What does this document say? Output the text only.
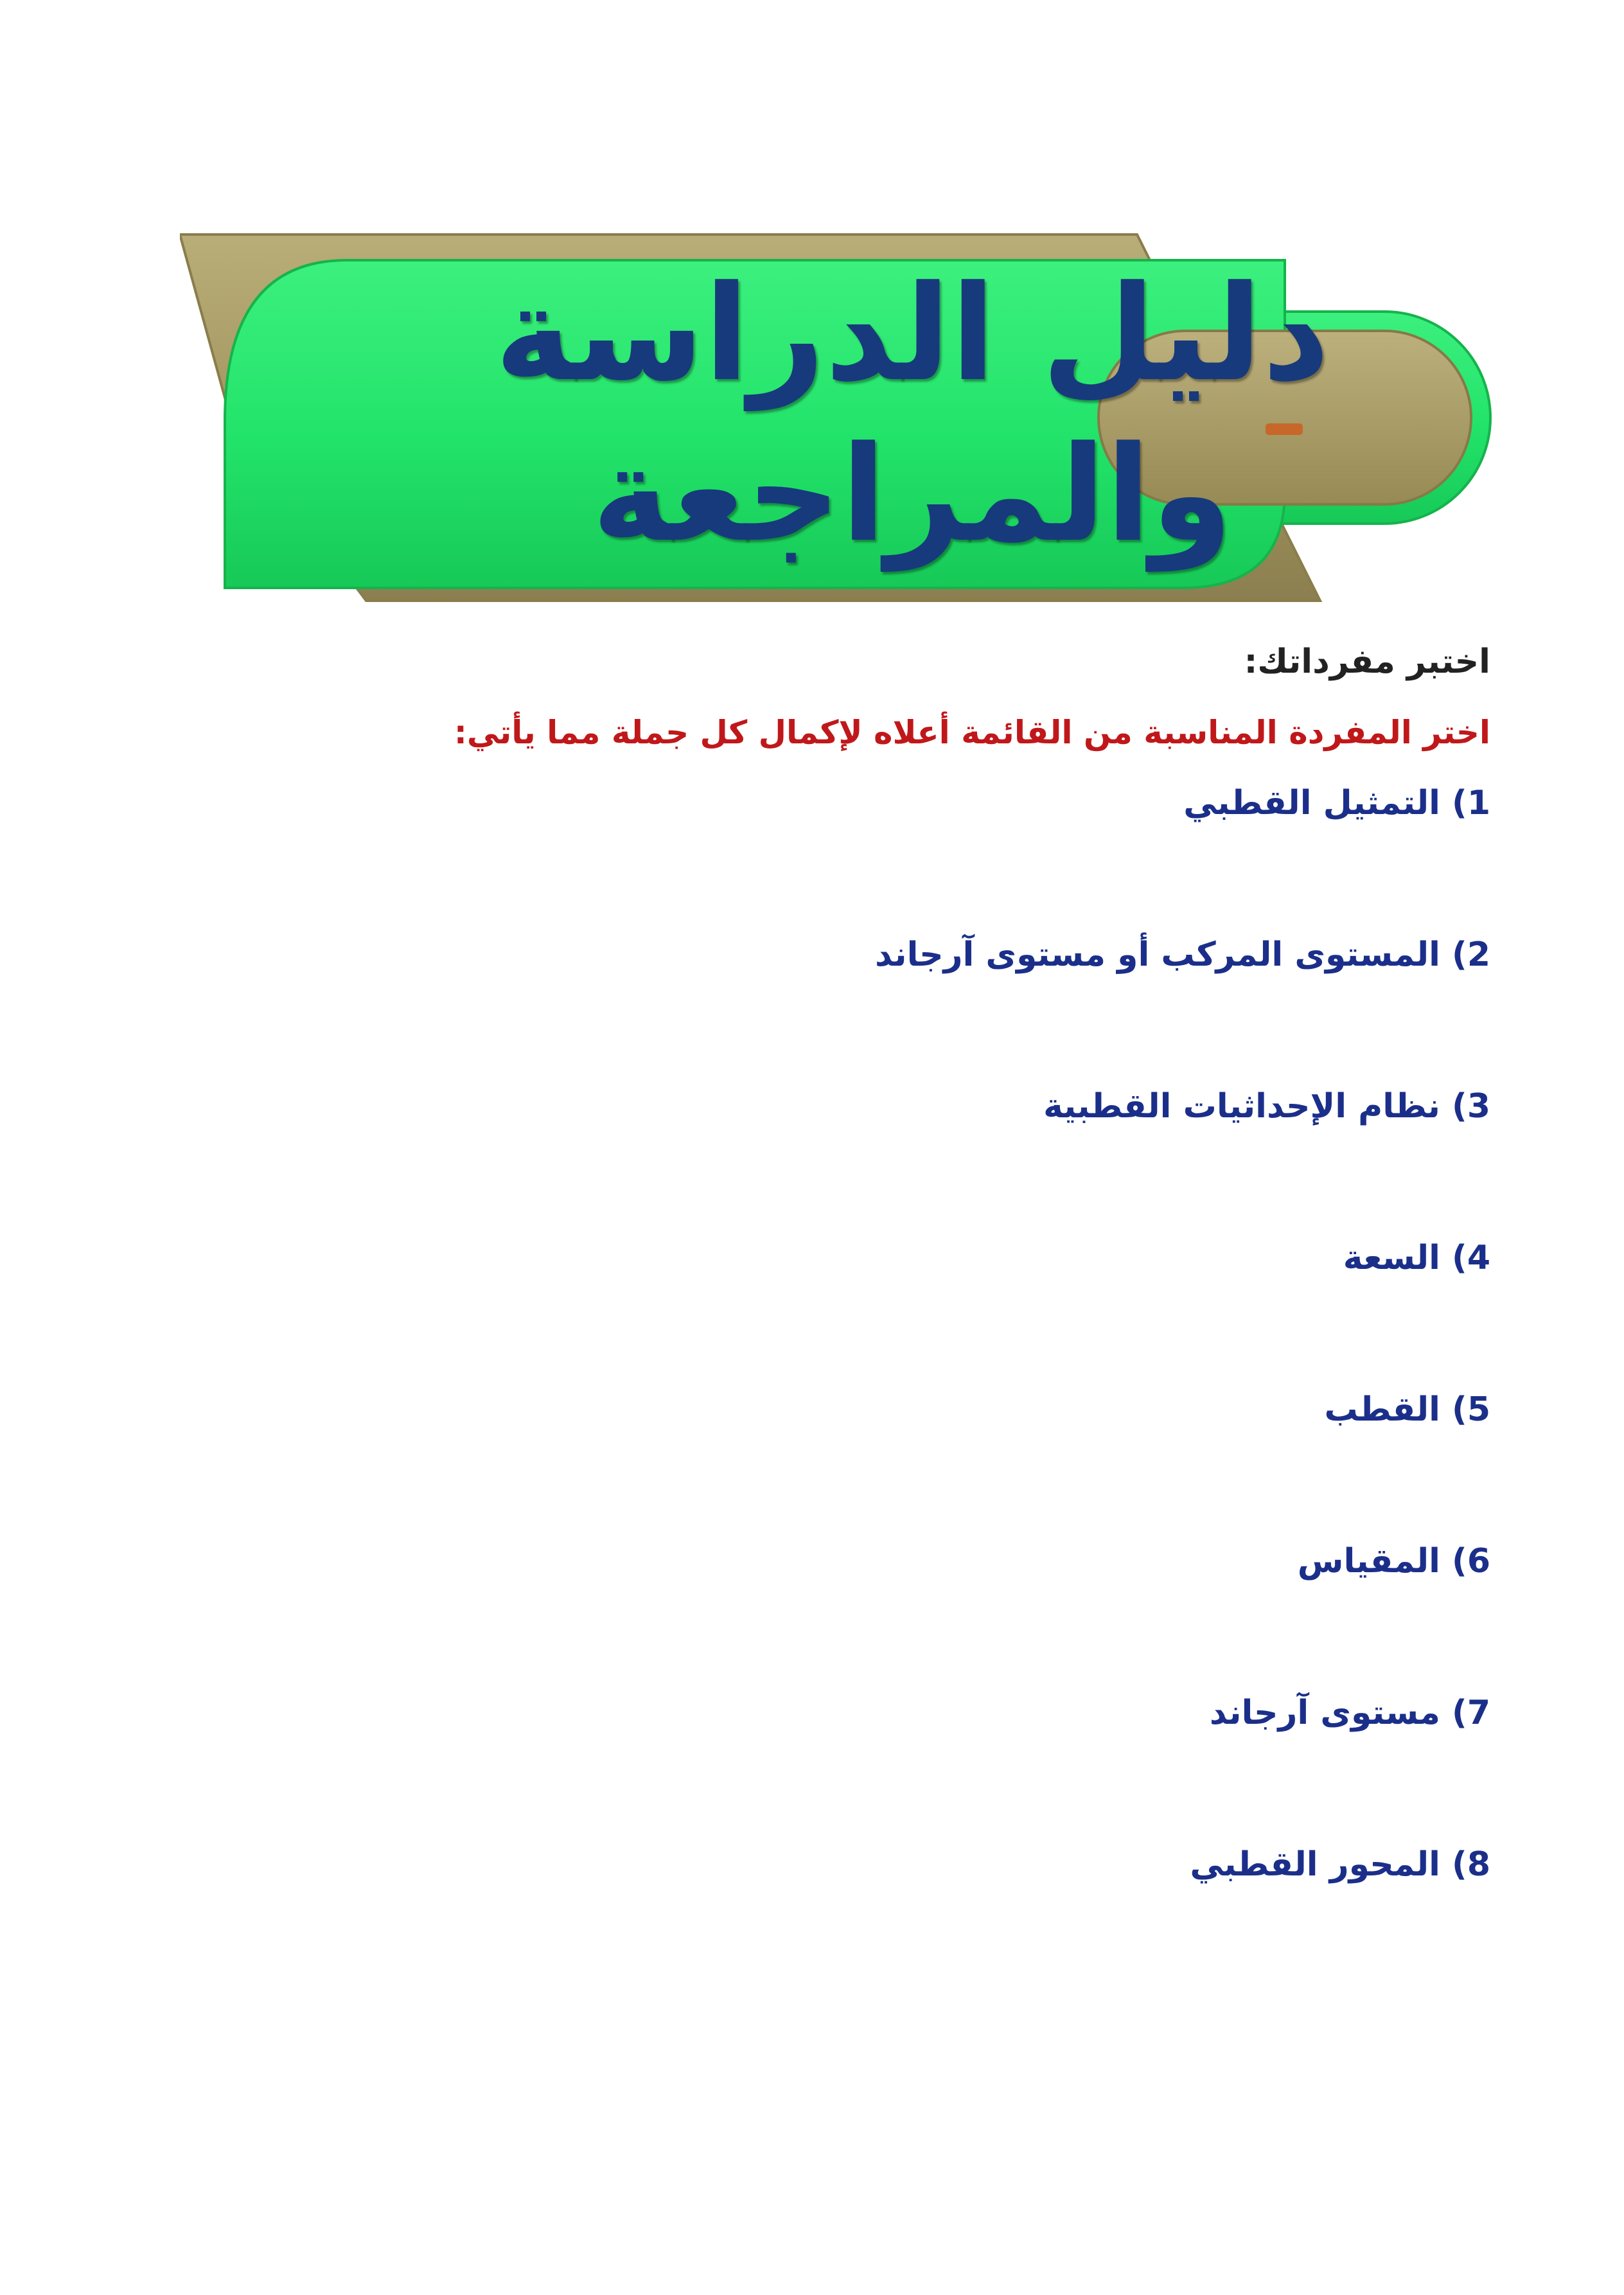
دليل الدراسة
والمراجعة

اختبر مفرداتك:

اختر المفردة المناسبة من القائمة أعلاه لإكمال كل جملة مما يأتي:

1) التمثيل القطبي
2) المستوى المركب أو مستوى آرجاند
3) نظام الإحداثيات القطبية
4) السعة
5) القطب
6) المقياس
7) مستوى آرجاند
8) المحور القطبي
